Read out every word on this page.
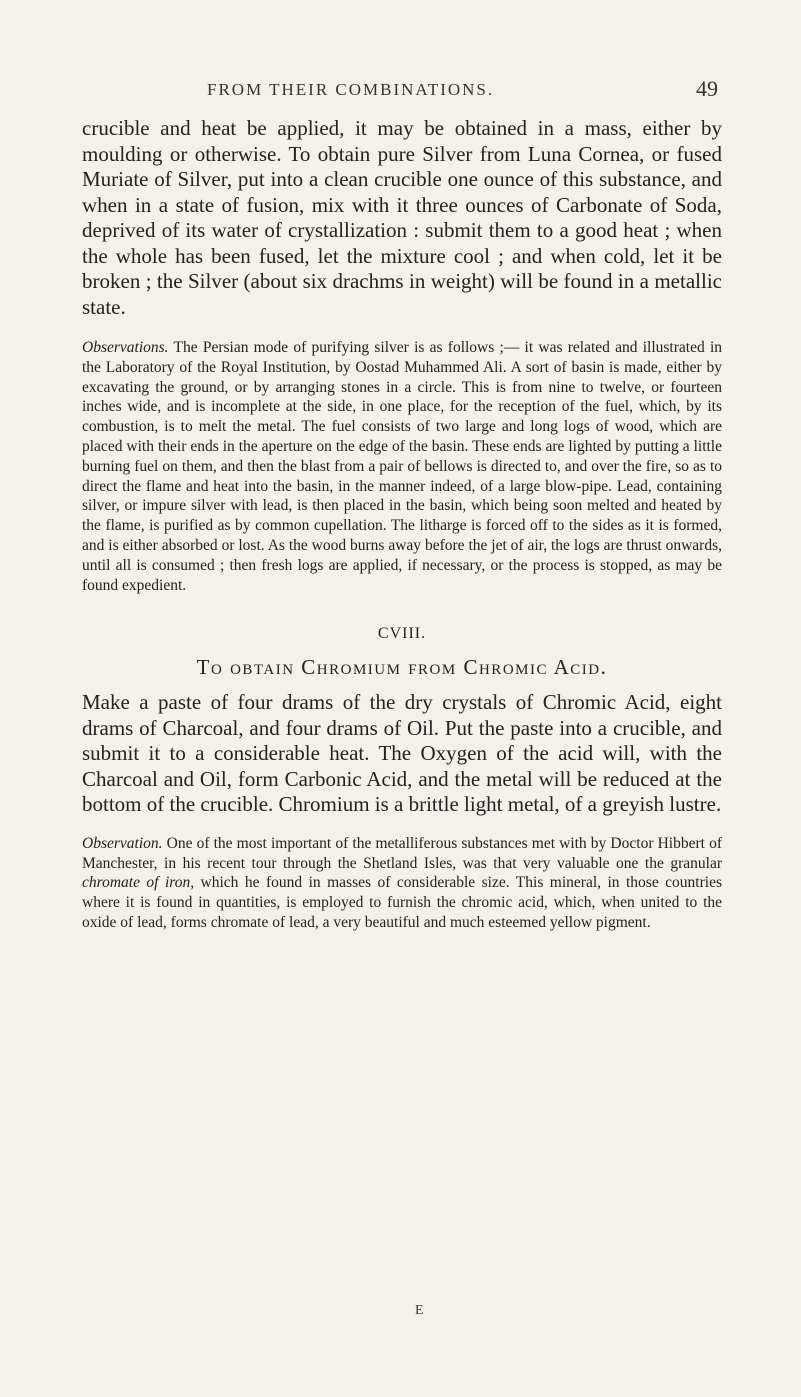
FROM THEIR COMBINATIONS.	49

crucible and heat be applied, it may be obtained in a mass, either by moulding or otherwise. To obtain pure Silver from Luna Cornea, or fused Muriate of Silver, put into a clean crucible one ounce of this substance, and when in a state of fusion, mix with it three ounces of Carbonate of Soda, deprived of its water of crystallization : submit them to a good heat ; when the whole has been fused, let the mixture cool ; and when cold, let it be broken ; the Silver (about six drachms in weight) will be found in a metallic state.

Observations. The Persian mode of purifying silver is as follows ;— it was related and illustrated in the Laboratory of the Royal Institution, by Oostad Muhammed Ali. A sort of basin is made, either by excavating the ground, or by arranging stones in a circle. This is from nine to twelve, or fourteen inches wide, and is incomplete at the side, in one place, for the reception of the fuel, which, by its combustion, is to melt the metal. The fuel consists of two large and long logs of wood, which are placed with their ends in the aperture on the edge of the basin. These ends are lighted by putting a little burning fuel on them, and then the blast from a pair of bellows is directed to, and over the fire, so as to direct the flame and heat into the basin, in the manner indeed, of a large blow-pipe. Lead, containing silver, or impure silver with lead, is then placed in the basin, which being soon melted and heated by the flame, is purified as by common cupellation. The litharge is forced off to the sides as it is formed, and is either absorbed or lost. As the wood burns away before the jet of air, the logs are thrust onwards, until all is consumed ; then fresh logs are applied, if necessary, or the process is stopped, as may be found expedient.

CVIII.
To obtain Chromium from Chromic Acid.

Make a paste of four drams of the dry crystals of Chromic Acid, eight drams of Charcoal, and four drams of Oil. Put the paste into a crucible, and submit it to a considerable heat. The Oxygen of the acid will, with the Charcoal and Oil, form Carbonic Acid, and the metal will be reduced at the bottom of the crucible. Chromium is a brittle light metal, of a greyish lustre.

Observation. One of the most important of the metalliferous substances met with by Doctor Hibbert of Manchester, in his recent tour through the Shetland Isles, was that very valuable one the granular chromate of iron, which he found in masses of considerable size. This mineral, in those countries where it is found in quantities, is employed to furnish the chromic acid, which, when united to the oxide of lead, forms chromate of lead, a very beautiful and much esteemed yellow pigment.

E
